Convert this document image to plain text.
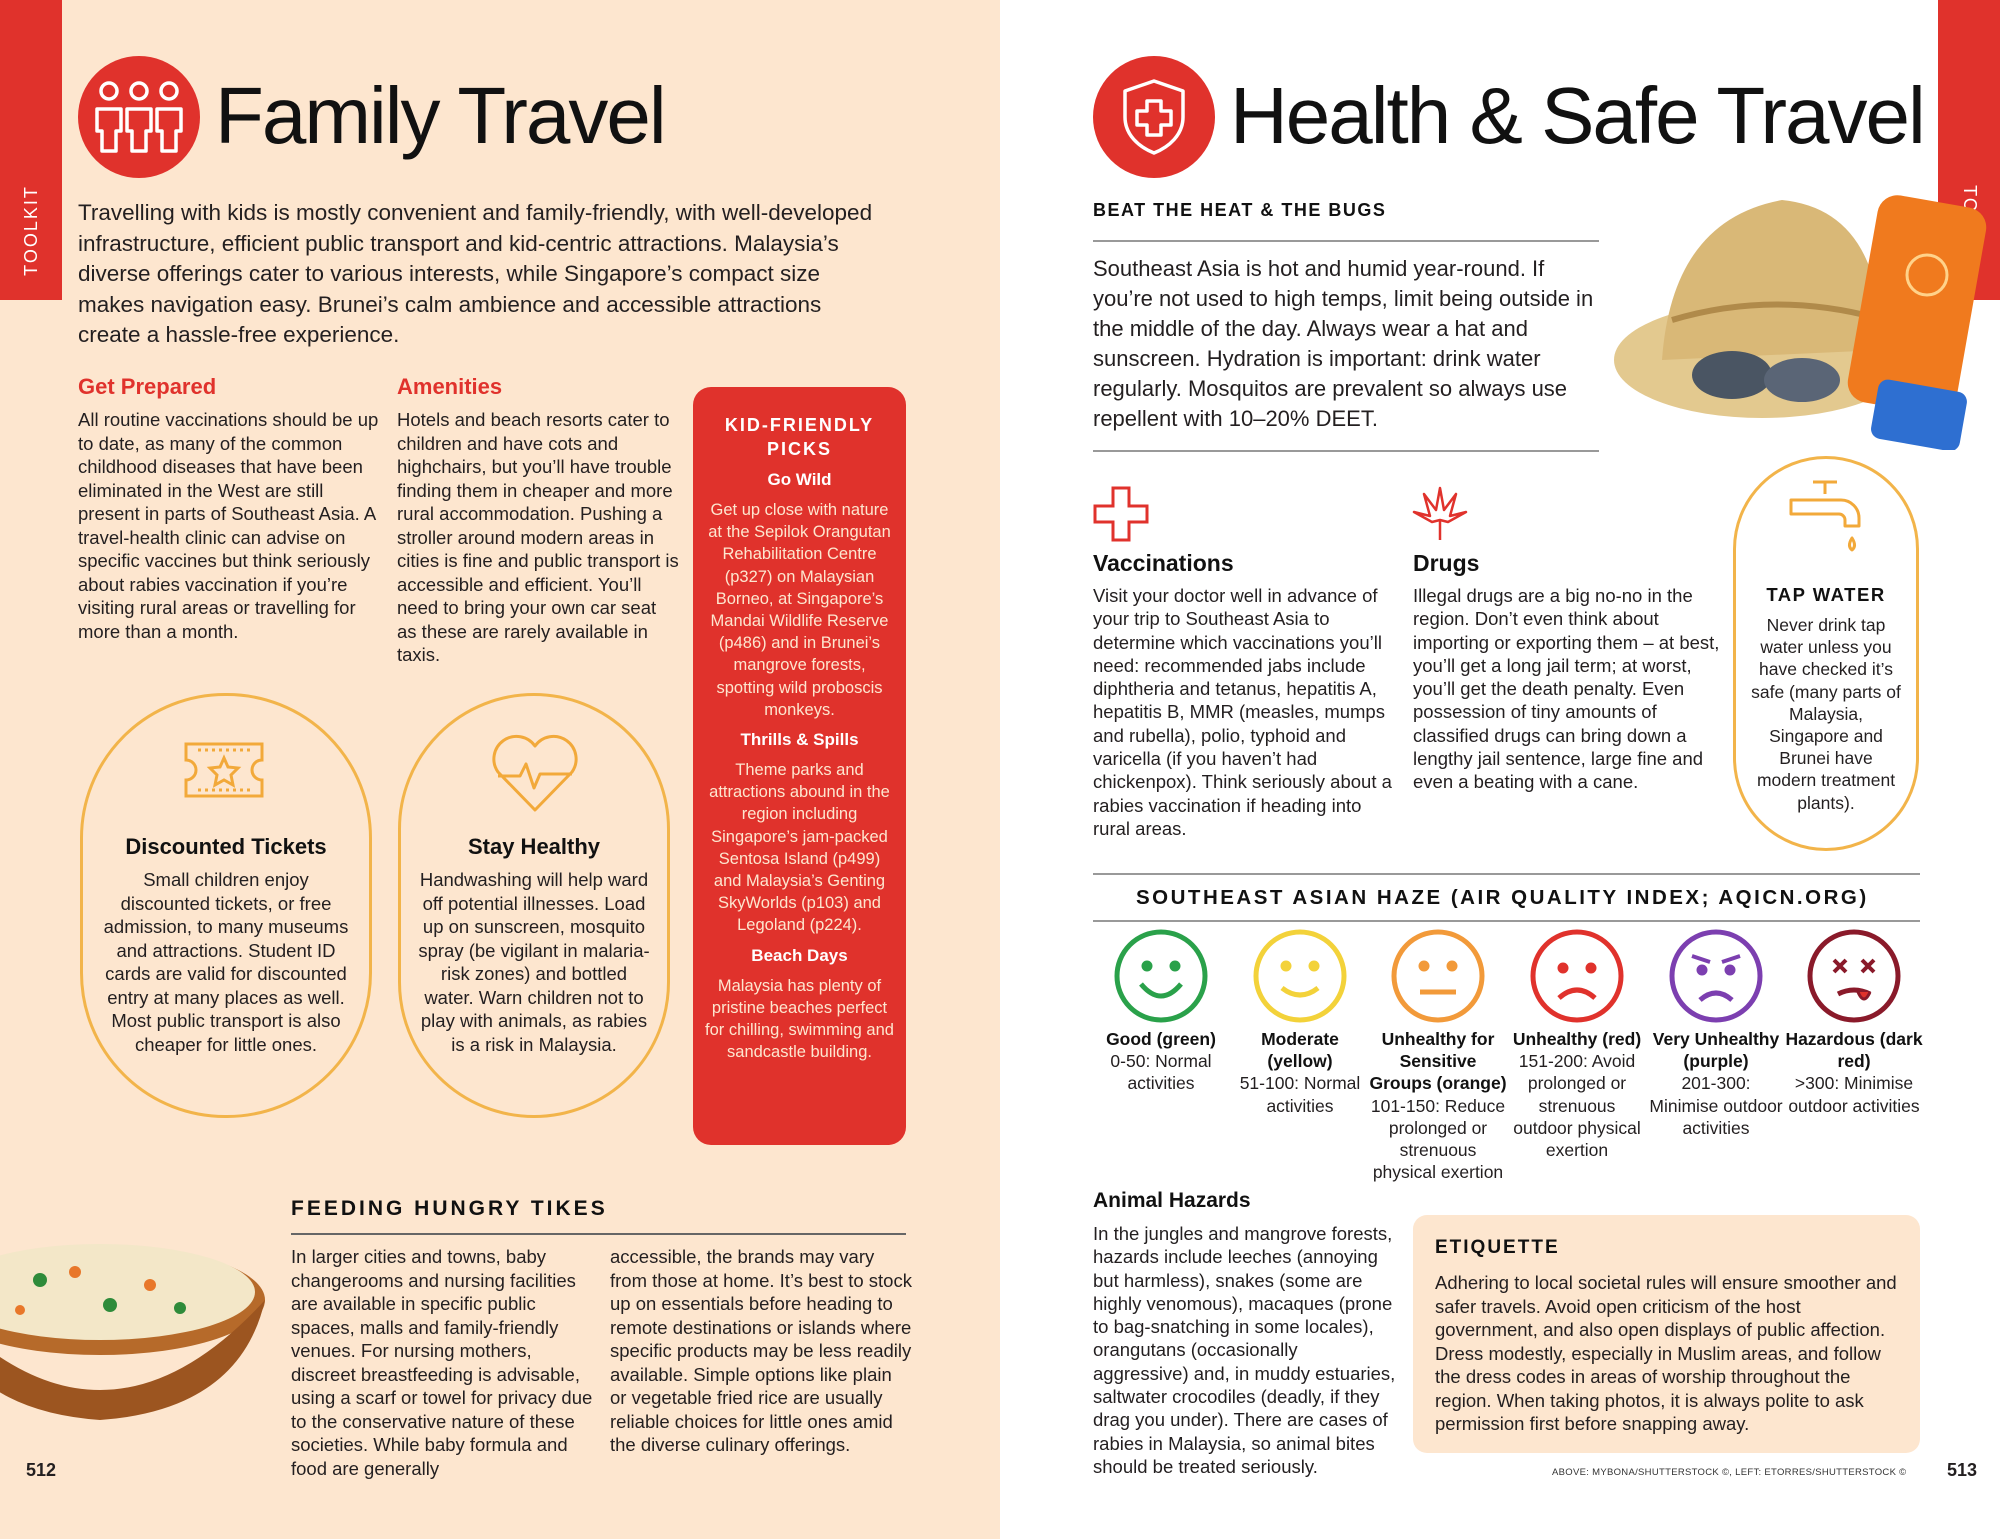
TOOLKIT
Family Travel
Travelling with kids is mostly convenient and family-friendly, with well-developed infrastructure, efficient public transport and kid-centric attractions. Malaysia’s diverse offerings cater to various interests, while Singapore’s compact size makes navigation easy. Brunei’s calm ambience and accessible attractions create a hassle-free experience.
Get Prepared
All routine vaccinations should be up to date, as many of the common childhood diseases that have been eliminated in the West are still present in parts of Southeast Asia. A travel-health clinic can advise on specific vaccines but think seriously about rabies vaccination if you’re visiting rural areas or travelling for more than a month.
Amenities
Hotels and beach resorts cater to children and have cots and highchairs, but you’ll have trouble finding them in cheaper and more rural accommodation. Pushing a stroller around modern areas in cities is fine and public transport is accessible and efficient. You’ll need to bring your own car seat as these are rarely available in taxis.
KID-FRIENDLY PICKS
Go Wild
Get up close with nature at the Sepilok Orangutan Rehabilitation Centre (p327) on Malaysian Borneo, at Singapore’s Mandai Wildlife Reserve (p486) and in Brunei’s mangrove forests, spotting wild proboscis monkeys.
Thrills & Spills
Theme parks and attractions abound in the region including Singapore’s jam-packed Sentosa Island (p499) and Malaysia’s Genting SkyWorlds (p103) and Legoland (p224).
Beach Days
Malaysia has plenty of pristine beaches perfect for chilling, swimming and sandcastle building.
Discounted Tickets
Small children enjoy discounted tickets, or free admission, to many museums and attractions. Student ID cards are valid for discounted entry at many places as well. Most public transport is also cheaper for little ones.
Stay Healthy
Handwashing will help ward off potential illnesses. Load up on sunscreen, mosquito spray (be vigilant in malaria-risk zones) and bottled water. Warn children not to play with animals, as rabies is a risk in Malaysia.
FEEDING HUNGRY TIKES
In larger cities and towns, baby changerooms and nursing facilities are available in specific public spaces, malls and family-friendly venues. For nursing mothers, discreet breastfeeding is advisable, using a scarf or towel for privacy due to the conservative nature of these societies. While baby formula and food are generally
accessible, the brands may vary from those at home. It’s best to stock up on essentials before heading to remote destinations or islands where specific products may be less readily available. Simple options like plain or vegetable fried rice are usually reliable choices for little ones amid the diverse culinary offerings.
512
Health & Safe Travel
BEAT THE HEAT & THE BUGS
Southeast Asia is hot and humid year-round. If you’re not used to high temps, limit being outside in the middle of the day. Always wear a hat and sunscreen. Hydration is important: drink water regularly. Mosquitos are prevalent so always use repellent with 10–20% DEET.
Vaccinations
Visit your doctor well in advance of your trip to Southeast Asia to determine which vaccinations you’ll need: recommended jabs include diphtheria and tetanus, hepatitis A, hepatitis B, MMR (measles, mumps and rubella), polio, typhoid and varicella (if you haven’t had chickenpox). Think seriously about a rabies vaccination if heading into rural areas.
Drugs
Illegal drugs are a big no-no in the region. Don’t even think about importing or exporting them – at best, you’ll get a long jail term; at worst, you’ll get the death penalty. Even possession of tiny amounts of classified drugs can bring down a lengthy jail sentence, large fine and even a beating with a cane.
TAP WATER
Never drink tap water unless you have checked it’s safe (many parts of Malaysia, Singapore and Brunei have modern treatment plants).
SOUTHEAST ASIAN HAZE (AIR QUALITY INDEX; AQICN.ORG)
Good (green)
0-50: Normal activities
Moderate (yellow)
51-100: Normal activities
Unhealthy for Sensitive Groups (orange)
101-150: Reduce prolonged or strenuous physical exertion
Unhealthy (red)
151-200: Avoid prolonged or strenuous outdoor physical exertion
Very Unhealthy (purple)
201-300: Minimise outdoor activities
Hazardous (dark red)
>300: Minimise outdoor activities
Animal Hazards
In the jungles and mangrove forests, hazards include leeches (annoying but harmless), snakes (some are highly venomous), macaques (prone to bag-snatching in some locales), orangutans (occasionally aggressive) and, in muddy estuaries, saltwater crocodiles (deadly, if they drag you under). There are cases of rabies in Malaysia, so animal bites should be treated seriously.
ETIQUETTE
Adhering to local societal rules will ensure smoother and safer travels. Avoid open criticism of the host government, and also open displays of public affection. Dress modestly, especially in Muslim areas, and follow the dress codes in areas of worship throughout the region. When taking photos, it is always polite to ask permission first before snapping away.
ABOVE: MYBONA/SHUTTERSTOCK ©, LEFT: ETORRES/SHUTTERSTOCK © 513
